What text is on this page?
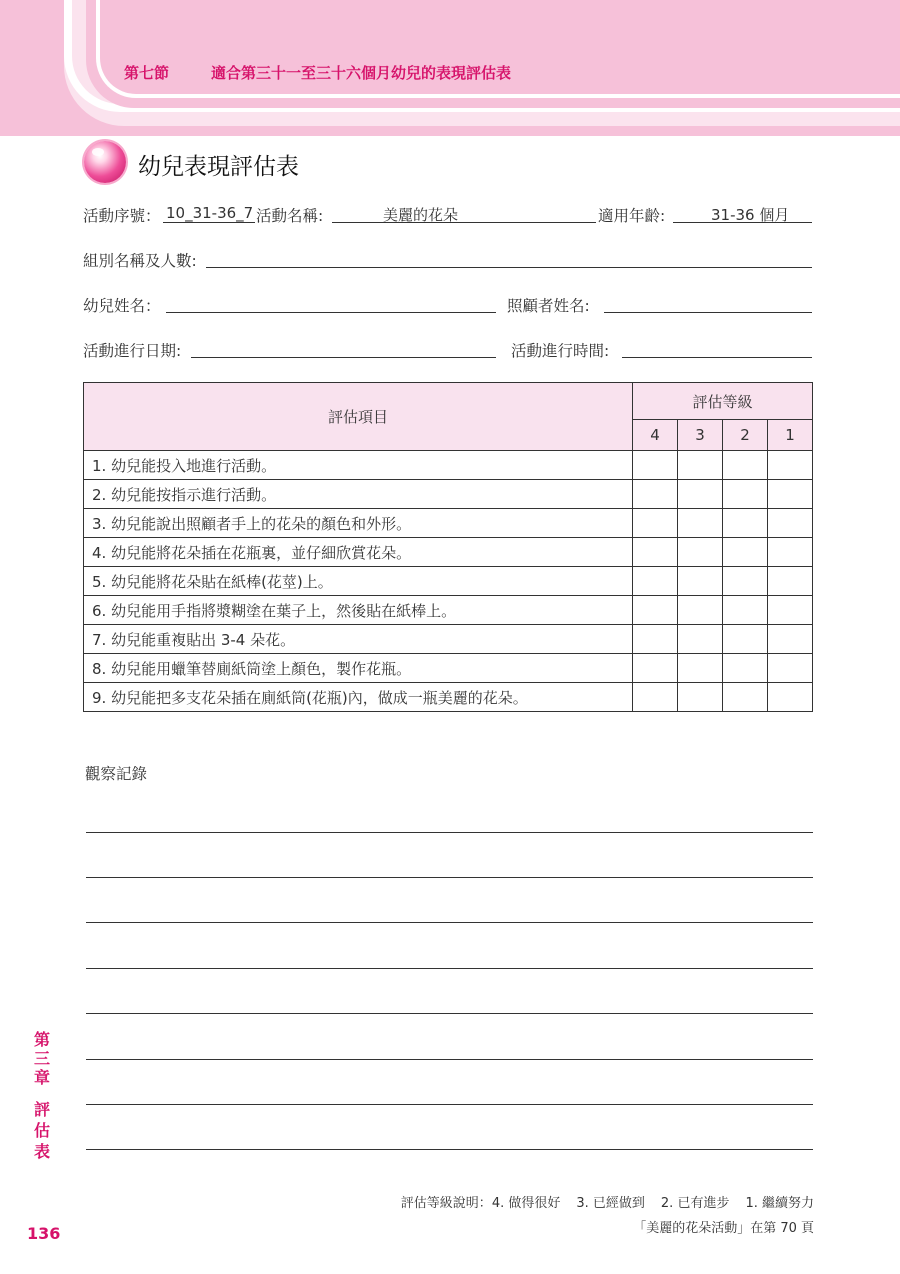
第七節	適合第三十一至三十六個月幼兒的表現評估表
幼兒表現評估表
活動序號： 10_31-36_7 活動名稱:	美麗的花朵	適用年齡:	31-36 個月
組別名稱及人數:
幼兒姓名：	照顧者姓名:
活動進行日期:	活動進行時間:
評估項目	評估等級			
	4	3	2	1
1. 幼兒能投入地進行活動。				
2. 幼兒能按指示進行活動。				
3. 幼兒能說出照顧者手上的花朵的顏色和外形。				
4. 幼兒能將花朵插在花瓶裏，並仔細欣賞花朵。				
5. 幼兒能將花朵貼在紙棒(花莖)上。				
6. 幼兒能用手指將漿糊塗在葉子上，然後貼在紙棒上。				
7. 幼兒能重複貼出 3-4 朵花。				
8. 幼兒能用蠟筆替廁紙筒塗上顏色，製作花瓶。				
9. 幼兒能把多支花朵插在廁紙筒(花瓶)內，做成一瓶美麗的花朵。				
觀察記錄
第
三
章
評
估
表
136
評估等級說明：4. 做得很好 3. 已經做到 2. 已有進步 1. 繼續努力
「美麗的花朵活動」在第 70 頁
